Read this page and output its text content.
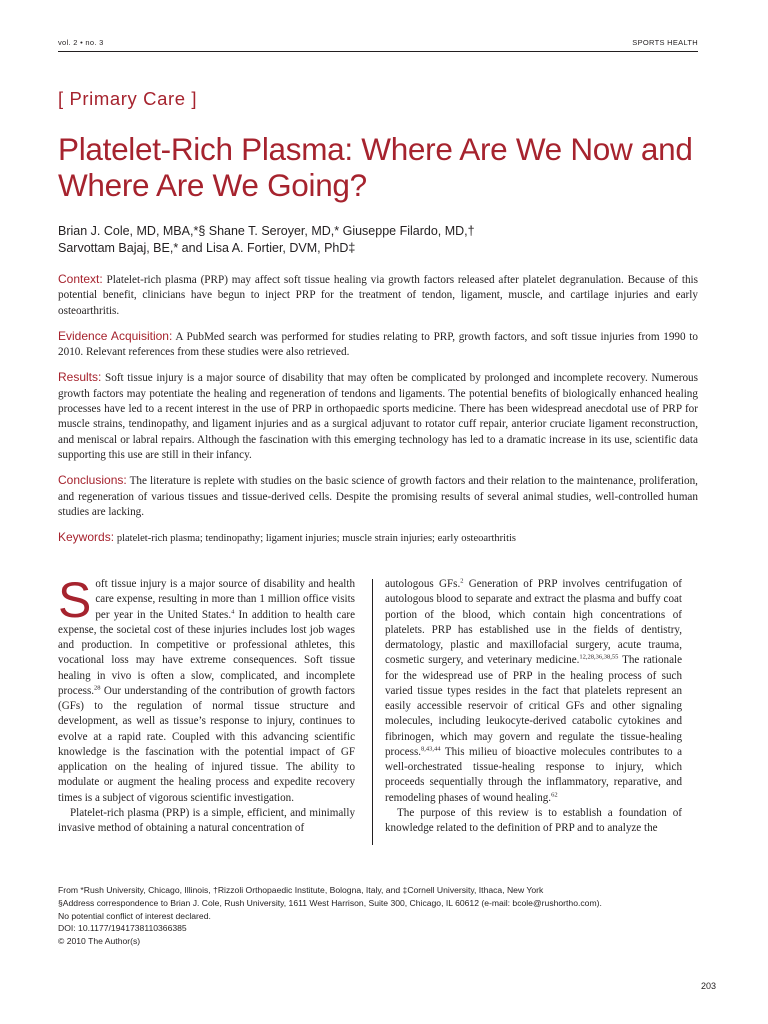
vol. 2 • no. 3	SPORTS HEALTH
[ Primary Care ]
Platelet-Rich Plasma: Where Are We Now and Where Are We Going?
Brian J. Cole, MD, MBA,*§ Shane T. Seroyer, MD,* Giuseppe Filardo, MD,†
Sarvottam Bajaj, BE,* and Lisa A. Fortier, DVM, PhD‡

Context: Platelet-rich plasma (PRP) may affect soft tissue healing via growth factors released after platelet degranulation. Because of this potential benefit, clinicians have begun to inject PRP for the treatment of tendon, ligament, muscle, and cartilage injuries and early osteoarthritis.

Evidence Acquisition: A PubMed search was performed for studies relating to PRP, growth factors, and soft tissue injuries from 1990 to 2010. Relevant references from these studies were also retrieved.

Results: Soft tissue injury is a major source of disability that may often be complicated by prolonged and incomplete recovery. Numerous growth factors may potentiate the healing and regeneration of tendons and ligaments. The potential benefits of biologically enhanced healing processes have led to a recent interest in the use of PRP in orthopaedic sports medicine. There has been widespread anecdotal use of PRP for muscle strains, tendinopathy, and ligament injuries and as a surgical adjuvant to rotator cuff repair, anterior cruciate ligament reconstruction, and meniscal or labral repairs. Although the fascination with this emerging technology has led to a dramatic increase in its use, scientific data supporting this use are still in their infancy.

Conclusions: The literature is replete with studies on the basic science of growth factors and their relation to the maintenance, proliferation, and regeneration of various tissues and tissue-derived cells. Despite the promising results of several animal studies, well-controlled human studies are lacking.

Keywords: platelet-rich plasma; tendinopathy; ligament injuries; muscle strain injuries; early osteoarthritis

S oft tissue injury is a major source of disability and health care expense, resulting in more than 1 million office visits per year in the United States.$^4$ In addition to health care expense, the societal cost of these injuries includes lost job wages and production. In competitive or professional athletes, this vocational loss may have extreme consequences. Soft tissue healing in vivo is often a slow, complicated, and incomplete process.$^{28}$ Our understanding of the contribution of growth factors (GFs) to the regulation of normal tissue structure and development, as well as tissue’s response to injury, continues to evolve at a rapid rate. Coupled with this advancing scientific knowledge is the fascination with the potential impact of GF application on the healing of injured tissue. The ability to modulate or augment the healing process and expedite recovery times is a subject of vigorous scientific investigation.

Platelet-rich plasma (PRP) is a simple, efficient, and minimally invasive method of obtaining a natural concentration of

autologous GFs.$^2$ Generation of PRP involves centrifugation of autologous blood to separate and extract the plasma and buffy coat portion of the blood, which contain high concentrations of platelets. PRP has established use in the fields of dentistry, dermatology, plastic and maxillofacial surgery, acute trauma, cosmetic surgery, and veterinary medicine.$^{12,28,36,38,55}$ The rationale for the widespread use of PRP in the healing process of such varied tissue types resides in the fact that platelets represent an easily accessible reservoir of critical GFs and other signaling molecules, including leukocyte-derived catabolic cytokines and fibrinogen, which may govern and regulate the tissue-healing process.$^{8,43,44}$ This milieu of bioactive molecules contributes to a well-orchestrated tissue-healing response to injury, which proceeds sequentially through the inflammatory, reparative, and remodeling phases of wound healing.$^{62}$

The purpose of this review is to establish a foundation of knowledge related to the definition of PRP and to analyze the

From *Rush University, Chicago, Illinois, †Rizzoli Orthopaedic Institute, Bologna, Italy, and ‡Cornell University, Ithaca, New York
§Address correspondence to Brian J. Cole, Rush University, 1611 West Harrison, Suite 300, Chicago, IL 60612 (e-mail: bcole@rushortho.com).
No potential conflict of interest declared.
DOI: 10.1177/1941738110366385
© 2010 The Author(s)
203
